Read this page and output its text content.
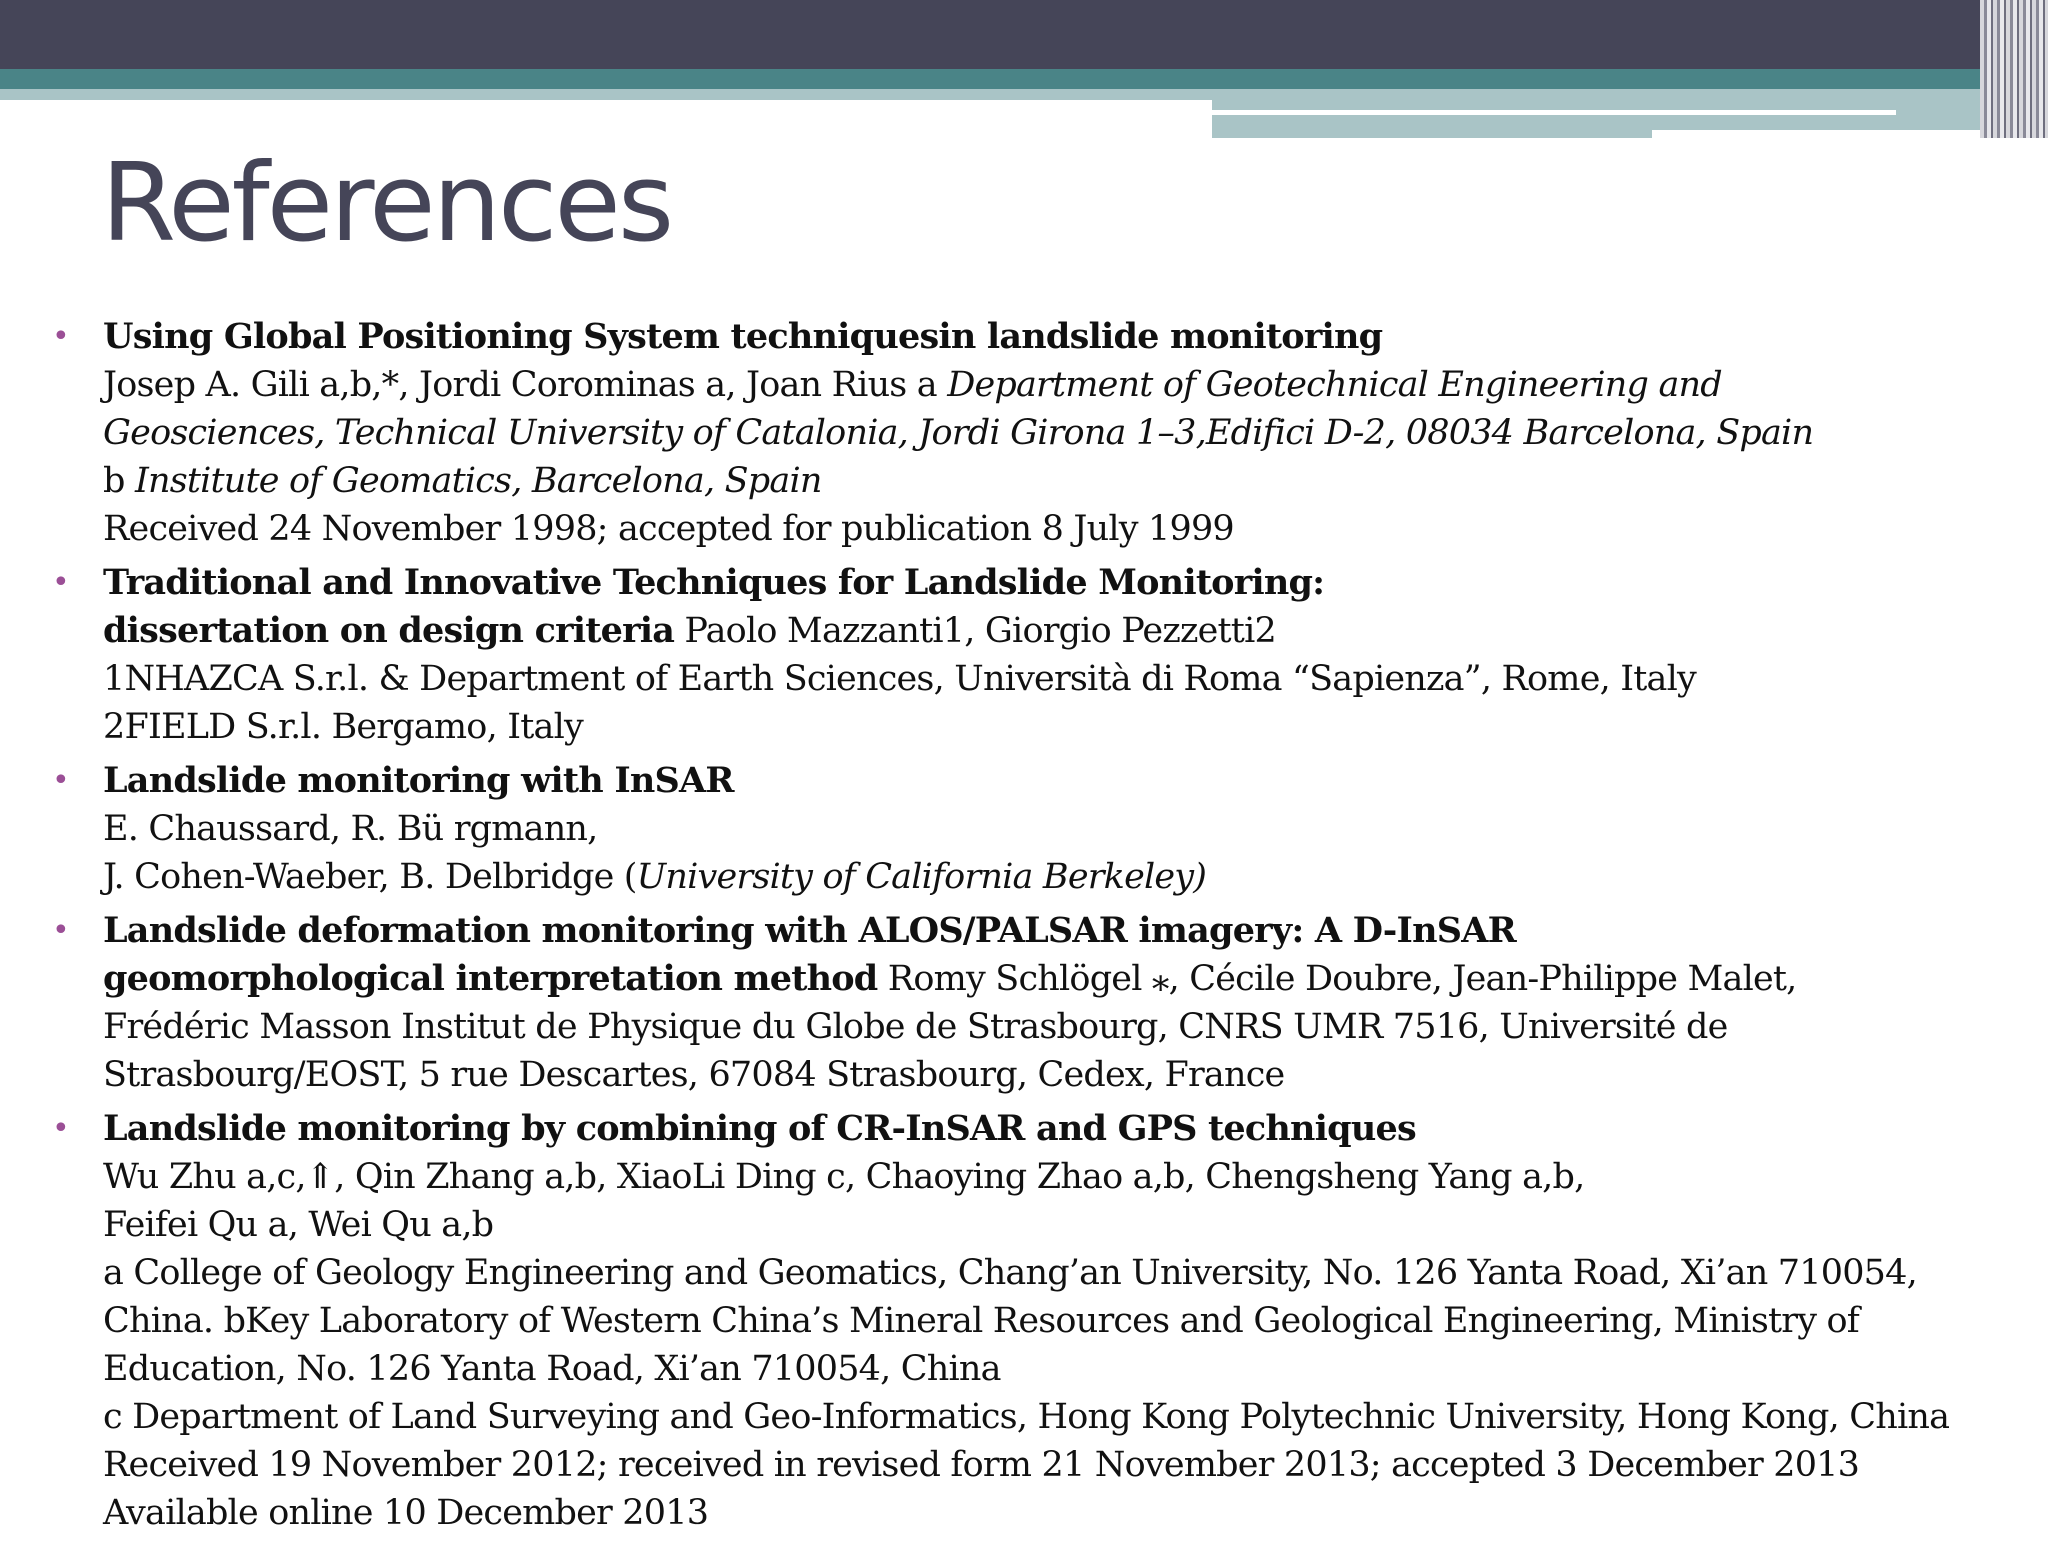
References
• Using Global Positioning System techniquesin landslide monitoring
Josep A. Gili a,b,*, Jordi Corominas a, Joan Rius a Department of Geotechnical Engineering and
Geosciences, Technical University of Catalonia, Jordi Girona 1–3,Edifici D-2, 08034 Barcelona, Spain
b Institute of Geomatics, Barcelona, Spain
Received 24 November 1998; accepted for publication 8 July 1999
• Traditional and Innovative Techniques for Landslide Monitoring:
dissertation on design criteria Paolo Mazzanti1, Giorgio Pezzetti2
1NHAZCA S.r.l. & Department of Earth Sciences, Università di Roma “Sapienza”, Rome, Italy
2FIELD S.r.l. Bergamo, Italy
• Landslide monitoring with InSAR
E. Chaussard, R. Bü rgmann,
J. Cohen-Waeber, B. Delbridge (University of California Berkeley)
• Landslide deformation monitoring with ALOS/PALSAR imagery: A D-InSAR
geomorphological interpretation method Romy Schlögel ⁎, Cécile Doubre, Jean-Philippe Malet,
Frédéric Masson Institut de Physique du Globe de Strasbourg, CNRS UMR 7516, Université de
Strasbourg/EOST, 5 rue Descartes, 67084 Strasbourg, Cedex, France
• Landslide monitoring by combining of CR-InSAR and GPS techniques
Wu Zhu a,c,⇑, Qin Zhang a,b, XiaoLi Ding c, Chaoying Zhao a,b, Chengsheng Yang a,b,
Feifei Qu a, Wei Qu a,b
a College of Geology Engineering and Geomatics, Chang’an University, No. 126 Yanta Road, Xi’an 710054,
China. bKey Laboratory of Western China’s Mineral Resources and Geological Engineering, Ministry of
Education, No. 126 Yanta Road, Xi’an 710054, China
c Department of Land Surveying and Geo-Informatics, Hong Kong Polytechnic University, Hong Kong, China
Received 19 November 2012; received in revised form 21 November 2013; accepted 3 December 2013
Available online 10 December 2013
